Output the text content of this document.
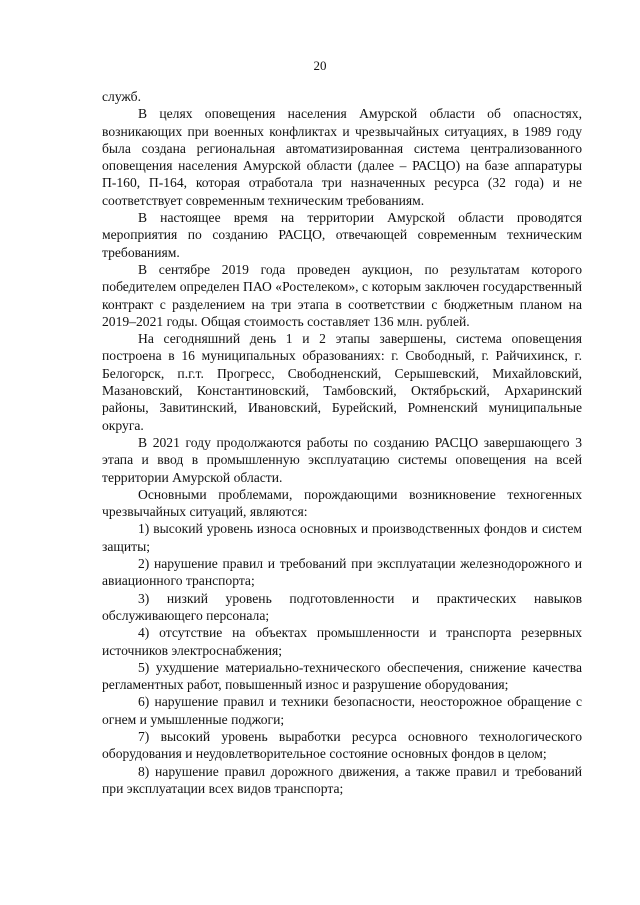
20

служб.

В целях оповещения населения Амурской области об опасностях, возникающих при военных конфликтах и чрезвычайных ситуациях, в 1989 году была создана региональная автоматизированная система централизованного оповещения населения Амурской области (далее – РАСЦО) на базе аппаратуры П-160, П-164, которая отработала три назначенных ресурса (32 года) и не соответствует современным техническим требованиям.

В настоящее время на территории Амурской области проводятся мероприятия по созданию РАСЦО, отвечающей современным техническим требованиям.

В сентябре 2019 года проведен аукцион, по результатам которого победителем определен ПАО «Ростелеком», с которым заключен государственный контракт с разделением на три этапа в соответствии с бюджетным планом на 2019–2021 годы. Общая стоимость составляет 136 млн. рублей.

На сегодняшний день 1 и 2 этапы завершены, система оповещения построена в 16 муниципальных образованиях: г. Свободный, г. Райчихинск, г. Белогорск, п.г.т. Прогресс, Свободненский, Серышевский, Михайловский, Мазановский, Константиновский, Тамбовский, Октябрьский, Архаринский районы, Завитинский, Ивановский, Бурейский, Ромненский муниципальные округа.

В 2021 году продолжаются работы по созданию РАСЦО завершающего 3 этапа и ввод в промышленную эксплуатацию системы оповещения на всей территории Амурской области.

Основными проблемами, порождающими возникновение техногенных чрезвычайных ситуаций, являются:

1) высокий уровень износа основных и производственных фондов и систем защиты;

2) нарушение правил и требований при эксплуатации железнодорожного и авиационного транспорта;

3) низкий уровень подготовленности и практических навыков обслуживающего персонала;

4) отсутствие на объектах промышленности и транспорта резервных источников электроснабжения;

5) ухудшение материально-технического обеспечения, снижение качества регламентных работ, повышенный износ и разрушение оборудования;

6) нарушение правил и техники безопасности, неосторожное обращение с огнем и умышленные поджоги;

7) высокий уровень выработки ресурса основного технологического оборудования и неудовлетворительное состояние основных фондов в целом;

8) нарушение правил дорожного движения, а также правил и требований при эксплуатации всех видов транспорта;
